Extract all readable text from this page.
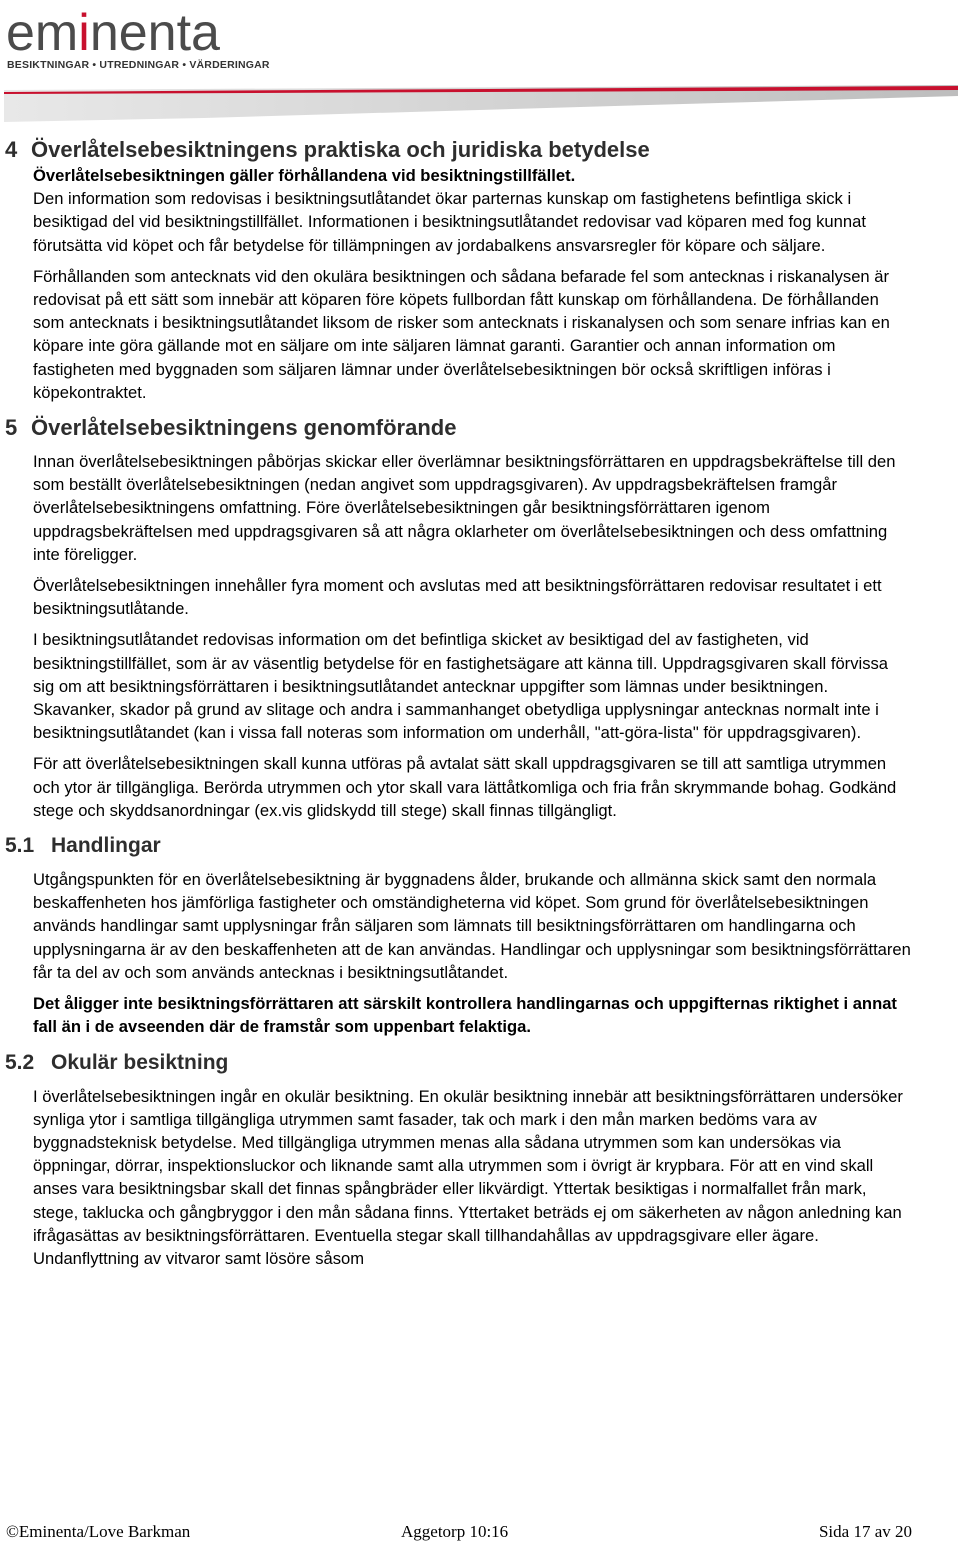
eminenta
BESIKTNINGAR • UTREDNINGAR • VÄRDERINGAR
4 Överlåtelsebesiktningens praktiska och juridiska betydelse

Överlåtelsebesiktningen gäller förhållandena vid besiktningstillfället.

Den information som redovisas i besiktningsutlåtandet ökar parternas kunskap om fastighetens befintliga skick i besiktigad del vid besiktningstillfället. Informationen i besiktningsutlåtandet redovisar vad köparen med fog kunnat förutsätta vid köpet och får betydelse för tillämpningen av jordabalkens ansvarsregler för köpare och säljare.

Förhållanden som antecknats vid den okulära besiktningen och sådana befarade fel som antecknas i riskanalysen är redovisat på ett sätt som innebär att köparen före köpets fullbordan fått kunskap om förhållandena. De förhållanden som antecknats i besiktningsutlåtandet liksom de risker som antecknats i riskanalysen och som senare infrias kan en köpare inte göra gällande mot en säljare om inte säljaren lämnat garanti. Garantier och annan information om fastigheten med byggnaden som säljaren lämnar under överlåtelsebesiktningen bör också skriftligen införas i köpekontraktet.

5 Överlåtelsebesiktningens genomförande

Innan överlåtelsebesiktningen påbörjas skickar eller överlämnar besiktningsförrättaren en uppdragsbekräftelse till den som beställt överlåtelsebesiktningen (nedan angivet som uppdragsgivaren). Av uppdragsbekräftelsen framgår överlåtelsebesiktningens omfattning. Före överlåtelsebesiktningen går besiktningsförrättaren igenom uppdragsbekräftelsen med uppdragsgivaren så att några oklarheter om överlåtelsebesiktningen och dess omfattning inte föreligger.

Överlåtelsebesiktningen innehåller fyra moment och avslutas med att besiktningsförrättaren redovisar resultatet i ett besiktningsutlåtande.

I besiktningsutlåtandet redovisas information om det befintliga skicket av besiktigad del av fastigheten, vid besiktningstillfället, som är av väsentlig betydelse för en fastighetsägare att känna till. Uppdragsgivaren skall förvissa sig om att besiktningsförrättaren i besiktningsutlåtandet antecknar uppgifter som lämnas under besiktningen. Skavanker, skador på grund av slitage och andra i sammanhanget obetydliga upplysningar antecknas normalt inte i besiktningsutlåtandet (kan i vissa fall noteras som information om underhåll, "att-göra-lista" för uppdragsgivaren).

För att överlåtelsebesiktningen skall kunna utföras på avtalat sätt skall uppdragsgivaren se till att samtliga utrymmen och ytor är tillgängliga. Berörda utrymmen och ytor skall vara lättåtkomliga och fria från skrymmande bohag. Godkänd stege och skyddsanordningar (ex.vis glidskydd till stege) skall finnas tillgängligt.

5.1 Handlingar

Utgångspunkten för en överlåtelsebesiktning är byggnadens ålder, brukande och allmänna skick samt den normala beskaffenheten hos jämförliga fastigheter och omständigheterna vid köpet. Som grund för överlåtelsebesiktningen används handlingar samt upplysningar från säljaren som lämnats till besiktningsförrättaren om handlingarna och upplysningarna är av den beskaffenheten att de kan användas. Handlingar och upplysningar som besiktningsförrättaren får ta del av och som används antecknas i besiktningsutlåtandet.

Det åligger inte besiktningsförrättaren att särskilt kontrollera handlingarnas och uppgifternas riktighet i annat fall än i de avseenden där de framstår som uppenbart felaktiga.

5.2 Okulär besiktning

I överlåtelsebesiktningen ingår en okulär besiktning. En okulär besiktning innebär att besiktningsförrättaren undersöker synliga ytor i samtliga tillgängliga utrymmen samt fasader, tak och mark i den mån marken bedöms vara av byggnadsteknisk betydelse. Med tillgängliga utrymmen menas alla sådana utrymmen som kan undersökas via öppningar, dörrar, inspektionsluckor och liknande samt alla utrymmen som i övrigt är krypbara. För att en vind skall anses vara besiktningsbar skall det finnas spångbräder eller likvärdigt. Yttertak besiktigas i normalfallet från mark, stege, taklucka och gångbryggor i den mån sådana finns. Yttertaket beträds ej om säkerheten av någon anledning kan ifrågasättas av besiktningsförrättaren. Eventuella stegar skall tillhandahållas av uppdragsgivare eller ägare. Undanflyttning av vitvaror samt lösöre såsom

©Eminenta/Love Barkman	Aggetorp 10:16	Sida 17 av 20
